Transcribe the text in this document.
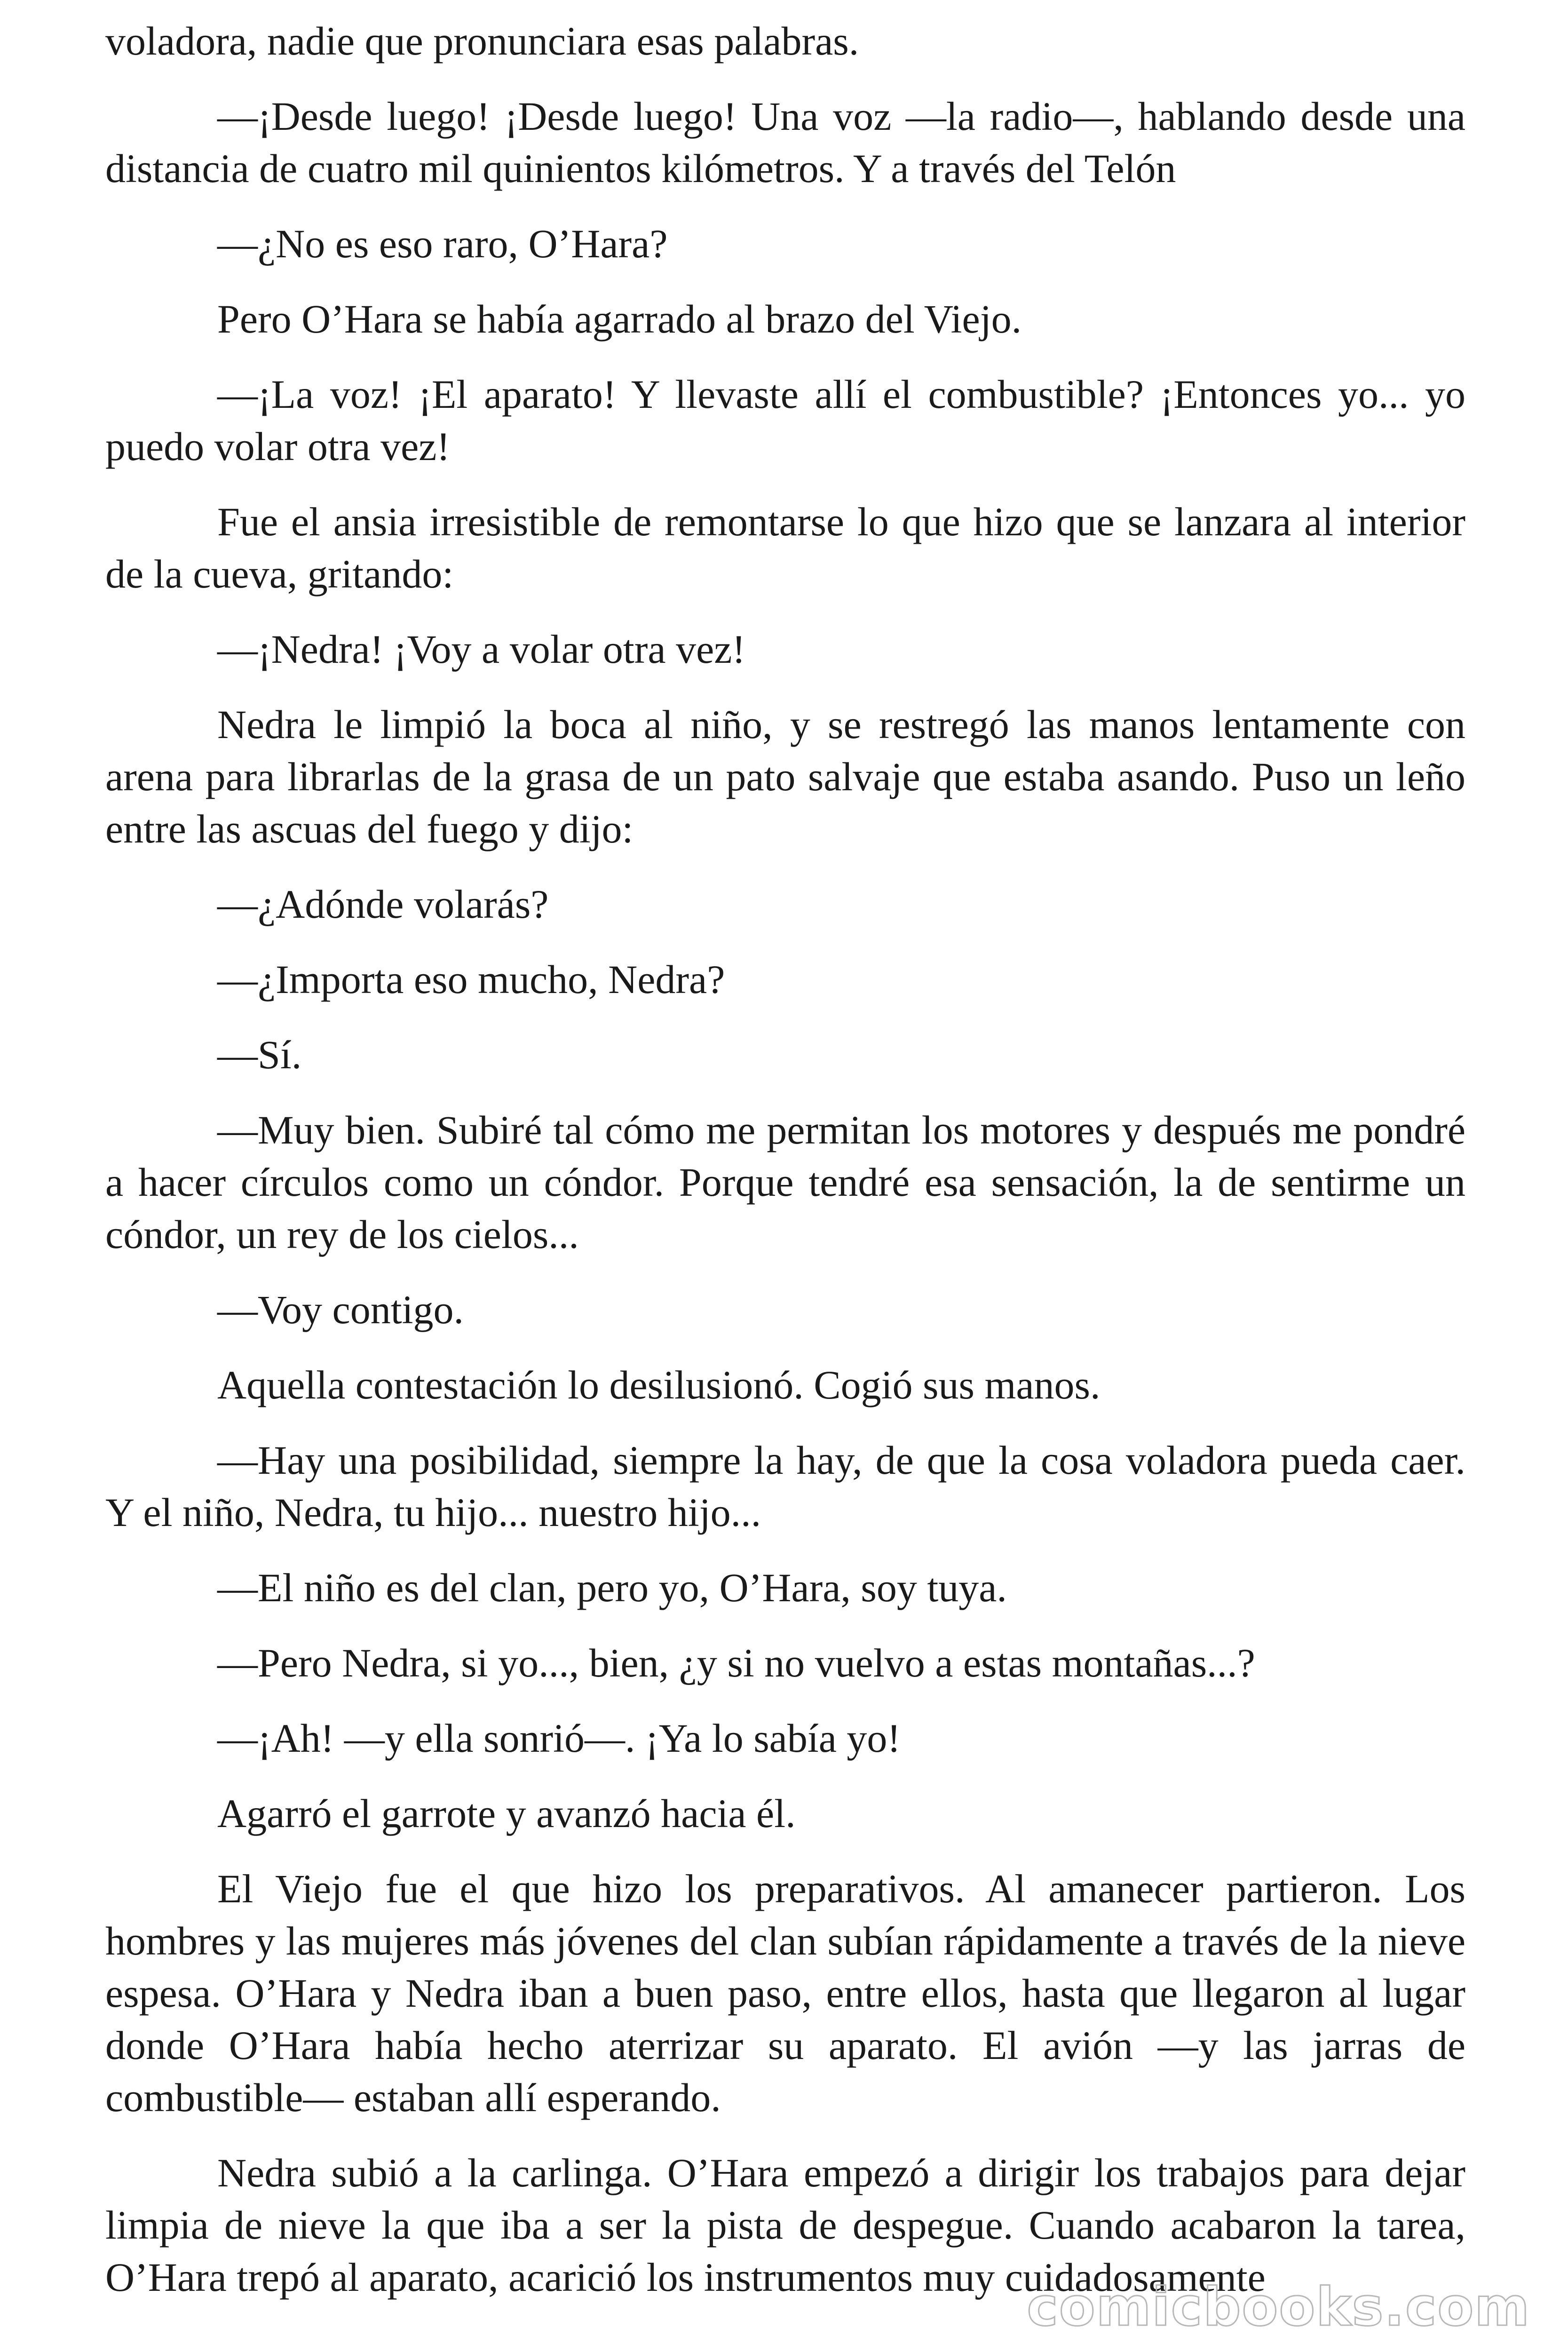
voladora, nadie que pronunciara esas palabras.

—¡Desde luego! ¡Desde luego! Una voz —la radio—, hablando desde una distancia de cuatro mil quinientos kilómetros. Y a través del Telón

—¿No es eso raro, O’Hara?

Pero O’Hara se había agarrado al brazo del Viejo.

—¡La voz! ¡El aparato! Y llevaste allí el combustible? ¡Entonces yo... yo puedo volar otra vez!

Fue el ansia irresistible de remontarse lo que hizo que se lanzara al interior de la cueva, gritando:

—¡Nedra! ¡Voy a volar otra vez!

Nedra le limpió la boca al niño, y se restregó las manos lentamente con arena para librarlas de la grasa de un pato salvaje que estaba asando. Puso un leño entre las ascuas del fuego y dijo:

—¿Adónde volarás?

—¿Importa eso mucho, Nedra?

—Sí.

—Muy bien. Subiré tal cómo me permitan los motores y después me pondré a hacer círculos como un cóndor. Porque tendré esa sensación, la de sentirme un cóndor, un rey de los cielos...

—Voy contigo.

Aquella contestación lo desilusionó. Cogió sus manos.

—Hay una posibilidad, siempre la hay, de que la cosa voladora pueda caer. Y el niño, Nedra, tu hijo... nuestro hijo...

—El niño es del clan, pero yo, O’Hara, soy tuya.

—Pero Nedra, si yo..., bien, ¿y si no vuelvo a estas montañas...?

—¡Ah! —y ella sonrió—. ¡Ya lo sabía yo!

Agarró el garrote y avanzó hacia él.

El Viejo fue el que hizo los preparativos. Al amanecer partieron. Los hombres y las mujeres más jóvenes del clan subían rápidamente a través de la nieve espesa. O’Hara y Nedra iban a buen paso, entre ellos, hasta que llegaron al lugar donde O’Hara había hecho aterrizar su aparato. El avión —y las jarras de combustible— estaban allí esperando.

Nedra subió a la carlinga. O’Hara empezó a dirigir los trabajos para dejar limpia de nieve la que iba a ser la pista de despegue. Cuando acabaron la tarea, O’Hara trepó al aparato, acarició los instrumentos muy cuidadosamente

comicbooks.com
